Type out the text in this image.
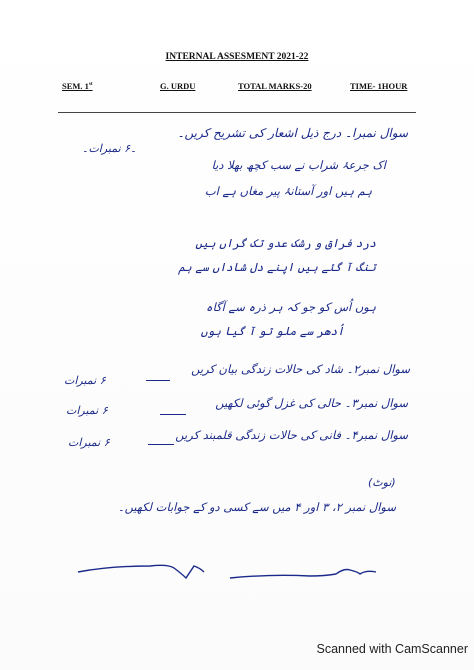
INTERNAL ASSESMENT 2021-22
SEM. 1st	G. URDU	TOTAL MARKS-20	TIME- 1HOUR
سوال نمبرا۔ درج ذیل اشعار کی تشریح کریں۔
۔۶ نمبرات۔
اک جرعۂ شراب نے سب کچھ بھلا دیا
ہم ہیں اور آستانۂ پیر مغاں ہے اب
درد فراق و رشک عدو تک گراں ہیں
تنگ آ گئے ہیں اپنے دل شاداں سے ہم
ہوں اُس کو جو کہ ہر ذرہ سے آگاہ
اُدھر سے ملو تو آ گیا ہوں
سوال نمبر۲۔ شاد کی حالات زندگی بیان کریں
۶ نمبرات
سوال نمبر۳۔ حالی کی غزل گوئی لکھیں
۶ نمبرات
سوال نمبر۴۔ فانی کی حالات زندگی قلمبند کریں
۶ نمبرات
(نوٹ)
سوال نمبر ۲، ۳ اور ۴ میں سے کسی دو کے جوابات لکھیں۔
Scanned with CamScanner
